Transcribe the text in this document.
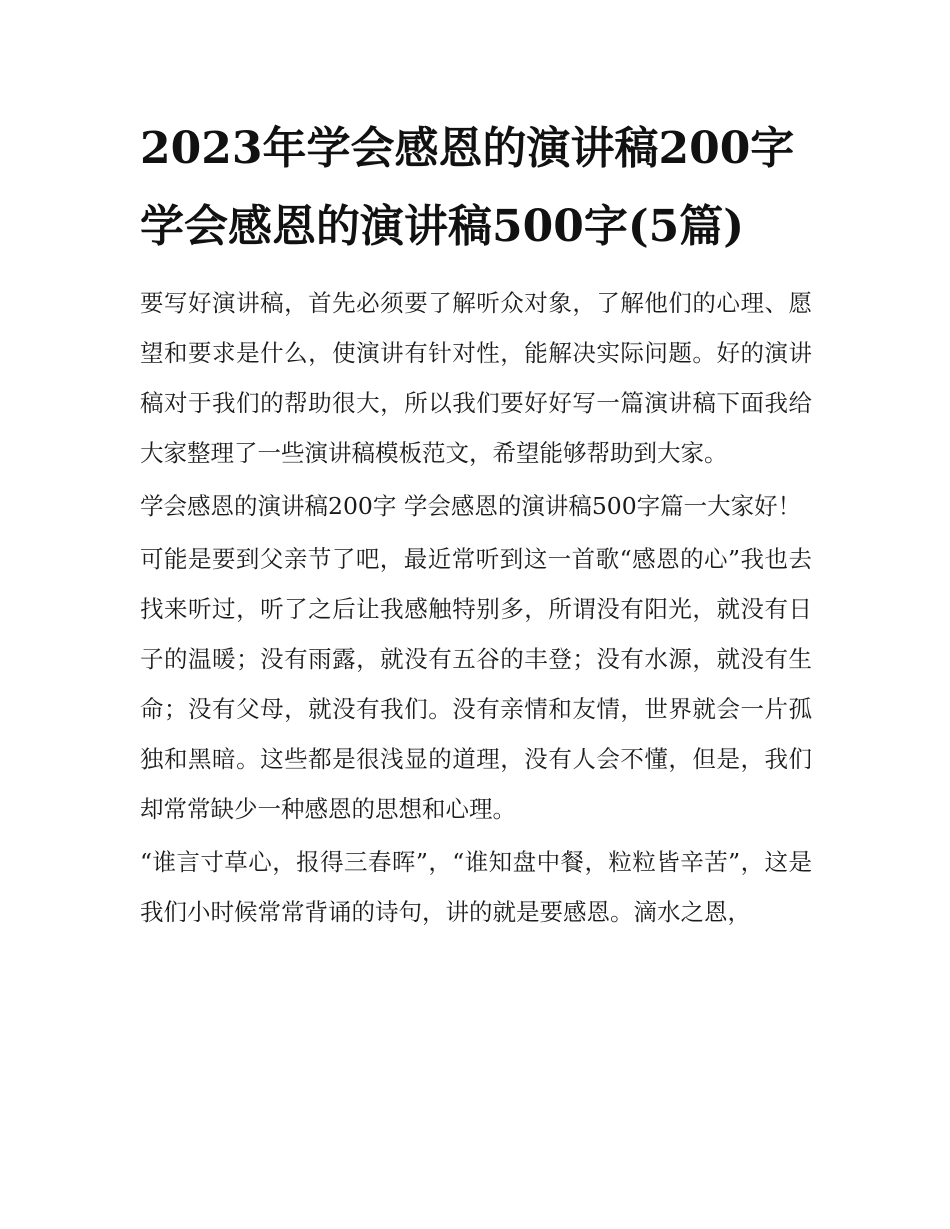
2023年学会感恩的演讲稿200字 学会感恩的演讲稿500字(5篇)

要写好演讲稿，首先必须要了解听众对象，了解他们的心理、愿望和要求是什么，使演讲有针对性，能解决实际问题。好的演讲稿对于我们的帮助很大，所以我们要好好写一篇演讲稿下面我给大家整理了一些演讲稿模板范文，希望能够帮助到大家。

学会感恩的演讲稿200字 学会感恩的演讲稿500字篇一大家好！

可能是要到父亲节了吧，最近常听到这一首歌“感恩的心”我也去找来听过，听了之后让我感触特别多，所谓没有阳光，就没有日子的温暖；没有雨露，就没有五谷的丰登；没有水源，就没有生命；没有父母，就没有我们。没有亲情和友情，世界就会一片孤独和黑暗。这些都是很浅显的道理，没有人会不懂，但是，我们却常常缺少一种感恩的思想和心理。

“谁言寸草心，报得三春晖”，“谁知盘中餐，粒粒皆辛苦”，这是我们小时候常常背诵的诗句，讲的就是要感恩。滴水之恩，
